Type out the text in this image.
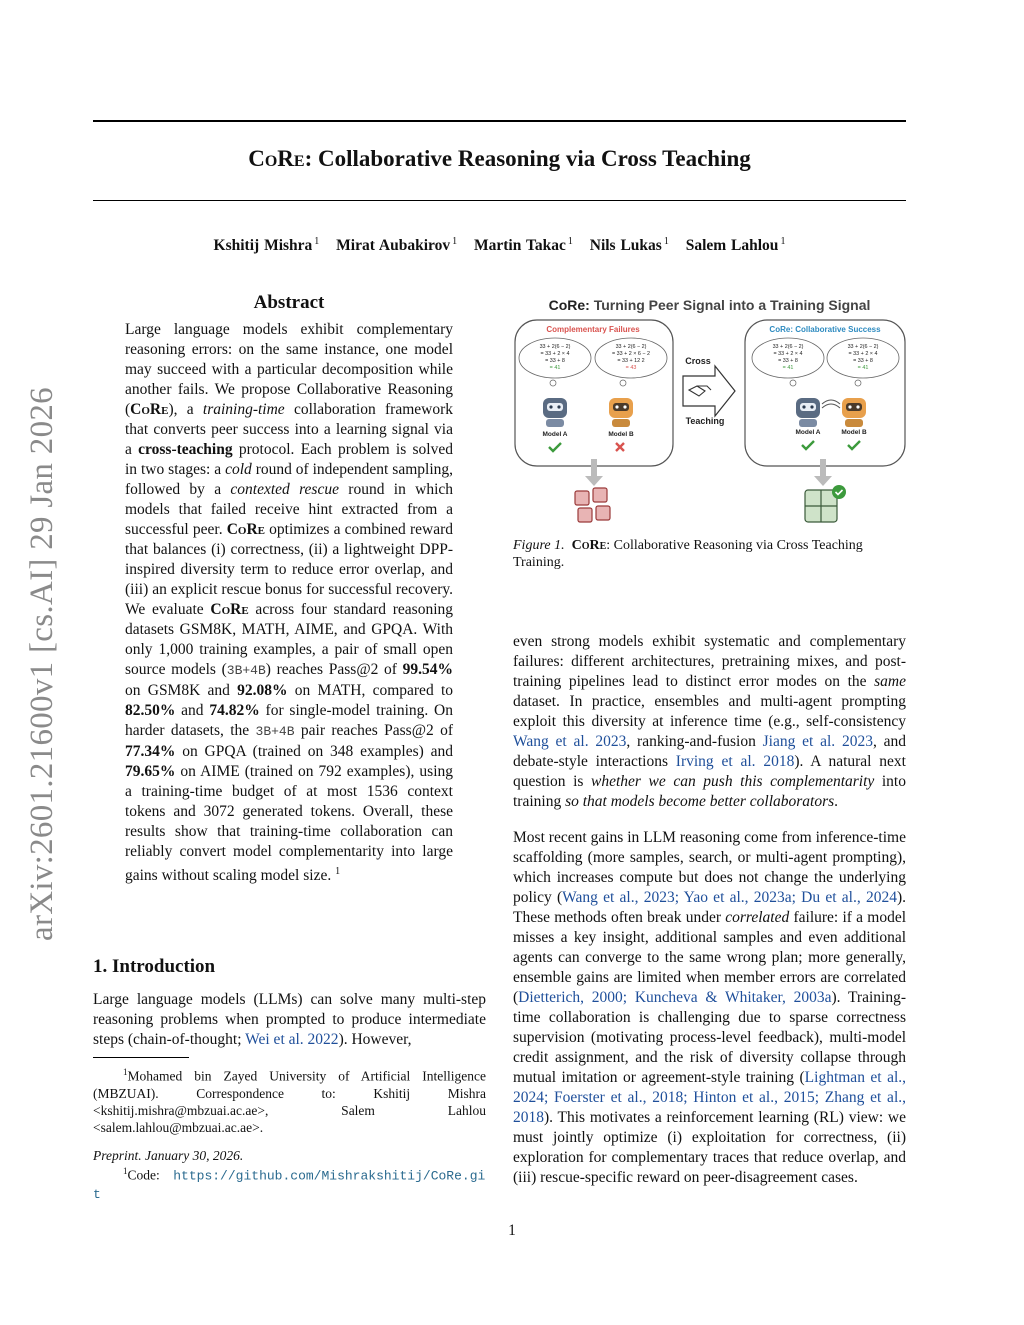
CoRe: Collaborative Reasoning via Cross Teaching
Kshitij Mishra $^1$ Mirat Aubakirov $^1$ Martin Takac $^1$ Nils Lukas $^1$ Salem Lahlou $^1$
arXiv:2601.21600v1 [cs.AI] 29 Jan 2026
Abstract
Large language models exhibit complementary reasoning errors: on the same instance, one model may succeed with a particular decomposition while another fails. We propose Collaborative Reasoning (CoRe), a training-time collaboration framework that converts peer success into a learning signal via a cross-teaching protocol. Each problem is solved in two stages: a cold round of independent sampling, followed by a contexted rescue round in which models that failed receive hint extracted from a successful peer. CoRe optimizes a combined reward that balances (i) correctness, (ii) a lightweight DPP-inspired diversity term to reduce error overlap, and (iii) an explicit rescue bonus for successful recovery. We evaluate CoRe across four standard reasoning datasets GSM8K, MATH, AIME, and GPQA. With only 1,000 training examples, a pair of small open source models (3B+4B) reaches Pass@2 of 99.54% on GSM8K and 92.08% on MATH, compared to 82.50% and 74.82% for single-model training. On harder datasets, the 3B+4B pair reaches Pass@2 of 77.34% on GPQA (trained on 348 examples) and 79.65% on AIME (trained on 792 examples), using a training-time budget of at most 1536 context tokens and 3072 generated tokens. Overall, these results show that training-time collaboration can reliably convert model complementarity into large gains without scaling model size. $^1$
1. Introduction
Large language models (LLMs) can solve many multi-step reasoning problems when prompted to produce intermediate steps (chain-of-thought; Wei et al. 2022). However,
$^1$Mohamed bin Zayed University of Artificial Intelligence (MBZUAI). Correspondence to: Kshitij Mishra <kshitij.mishra@mbzuai.ac.ae>, Salem Lahlou <salem.lahlou@mbzuai.ac.ae>.
Preprint. January 30, 2026.
$^1$Code: https://github.com/Mishrakshitij/CoRe.git
CoRe: Turning Peer Signal into a Training Signal
Complementary Failures
33 + 2(6 − 2)
= 33 + 2 × 4
= 33 + 8
= 41
33 + 2(6 − 2)
= 33 + 2 × 6 − 2
= 33 + 12 2
= 43
Model A	Model B
Cross
Teaching
CoRe: Collaborative Success
33 + 2(6 − 2)
= 33 + 2 × 4
= 33 + 8
= 41
33 + 2(6 − 2)
= 33 + 2 × 4
= 33 + 8
= 41
Model A	Model B
Figure 1. CoRe: Collaborative Reasoning via Cross Teaching Training.

even strong models exhibit systematic and complementary failures: different architectures, pretraining mixes, and post-training pipelines lead to distinct error modes on the same dataset. In practice, ensembles and multi-agent prompting exploit this diversity at inference time (e.g., self-consistency Wang et al. 2023, ranking-and-fusion Jiang et al. 2023, and debate-style interactions Irving et al. 2018). A natural next question is whether we can push this complementarity into training so that models become better collaborators.

Most recent gains in LLM reasoning come from inference-time scaffolding (more samples, search, or multi-agent prompting), which increases compute but does not change the underlying policy (Wang et al., 2023; Yao et al., 2023a; Du et al., 2024). These methods often break under correlated failure: if a model misses a key insight, additional samples and even additional agents can converge to the same wrong plan; more generally, ensemble gains are limited when member errors are correlated (Dietterich, 2000; Kuncheva & Whitaker, 2003a). Training-time collaboration is challenging due to sparse correctness supervision (motivating process-level feedback), multi-model credit assignment, and the risk of diversity collapse through mutual imitation or agreement-style training (Lightman et al., 2024; Foerster et al., 2018; Hinton et al., 2015; Zhang et al., 2018). This motivates a reinforcement learning (RL) view: we must jointly optimize (i) exploitation for correctness, (ii) exploration for complementary traces that reduce overlap, and (iii) rescue-specific reward on peer-disagreement cases.

1
